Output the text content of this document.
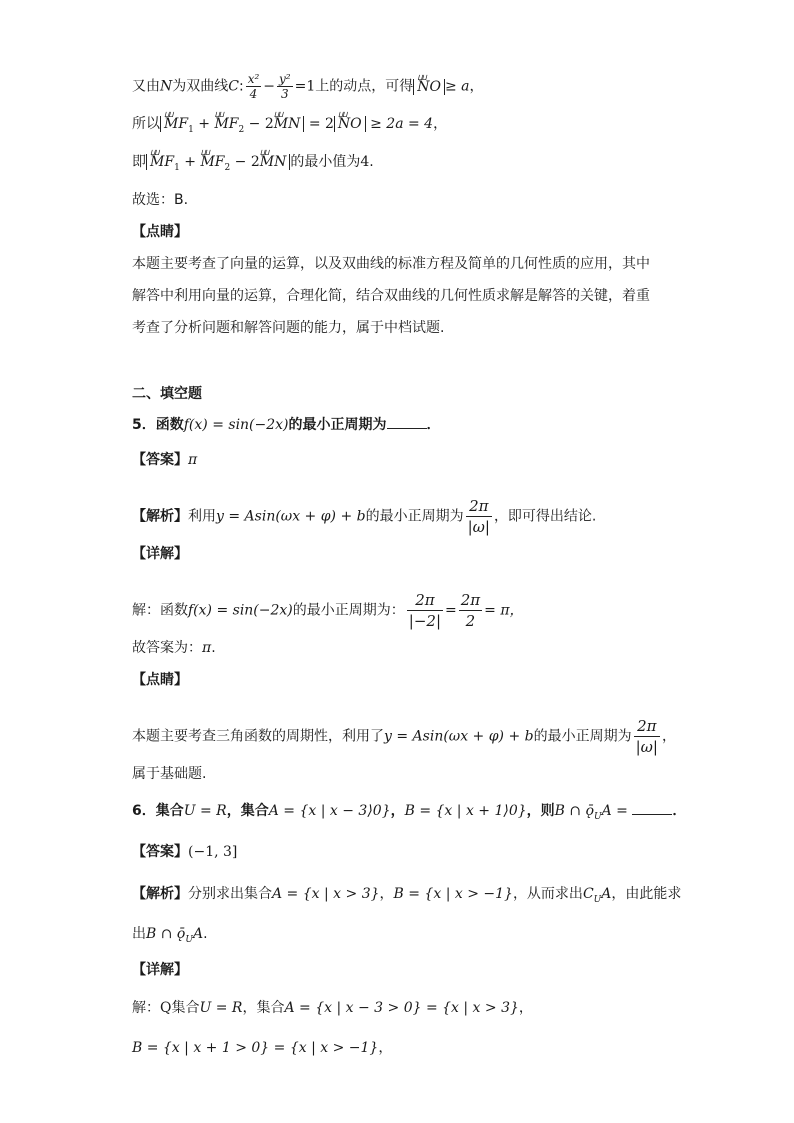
又由N为双曲线C: $\frac{\text{x²}}{4} - \frac{\text{y²}}{3} =1$上的动点，可得 ⵡⵡ NO ≥ a，
所以 ⵡⵡ $MF_1$ + ⵡⵡ $MF_2$ − 2ⵡⵡ MN = 2 ⵡⵡ NO ≥ 2a = 4，
即 ⵡⵡ $MF_1$ + ⵡⵡ $MF_2$ − 2ⵡⵡ MN 的最小值为4.
故选：B.
【点睛】
本题主要考查了向量的运算，以及双曲线的标准方程及简单的几何性质的应用，其中解答中利用向量的运算，合理化简，结合双曲线的几何性质求解是解答的关键，着重考查了分析问题和解答问题的能力，属于中档试题.
二、填空题
5．函数f(x) = sin(−2x)的最小正周期为	．
【答案】π
【解析】利用y = Asin(ωx + φ) + b的最小正周期为 $\frac{2\pi}{|\omega|}$ ，即可得出结论.
【详解】
解：函数f(x) = sin(−2x)的最小正周期为： $\frac{2\pi}{|-2|} = \frac{2\pi}{2} = \pi$，
故答案为：π.
【点睛】
本题主要考查三角函数的周期性，利用了y = Asin(ωx + φ) + b的最小正周期为 $\frac{2\pi}{|\omega|}$ ，
属于基础题.
6．集合U = R，集合A = {x | x − 3⟩0}，B = {x | x + 1⟩0}，则B ∩ $ǭ_UA$ =	．
【答案】(−1, 3]
【解析】分别求出集合A = {x | x > 3}，B = {x | x > −1}，从而求出$C_UA$，由此能求
出B ∩ $ǭ_UA$.
【详解】
解：Q集合U = R，集合A = {x | x − 3 > 0} = {x | x > 3}，
B = {x | x + 1 > 0} = {x | x > −1}，
